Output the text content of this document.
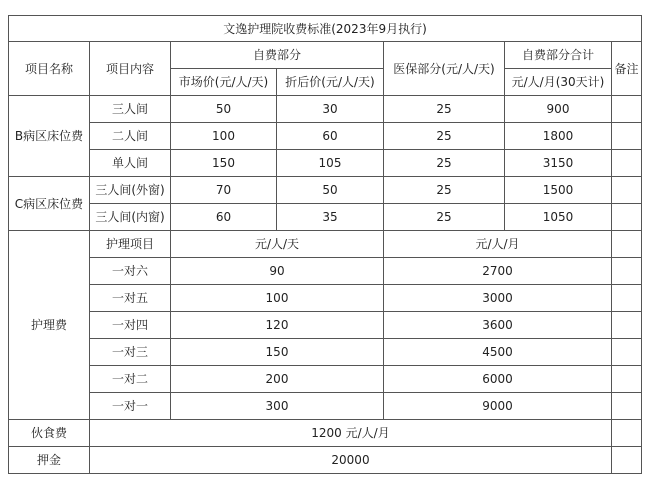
文逸护理院收费标准(2023年9月执行)						
项目名称	项目内容	自费部分		医保部分(元/人/天)	自费部分合计	备注
		市场价(元/人/天)	折后价(元/人/天)		元/人/月(30天计)	
B病区床位费	三人间	50	30	25	900	
	二人间	100	60	25	1800	
	单人间	150	105	25	3150	
C病区床位费	三人间(外窗)	70	50	25	1500	
	三人间(内窗)	60	35	25	1050	
护理费	护理项目	元/人/天		元/人/月		
	一对六	90		2700		
	一对五	100		3000		
	一对四	120		3600		
	一对三	150		4500		
	一对二	200		6000		
	一对一	300		9000		
伙食费	1200 元/人/月					
押金	20000					
